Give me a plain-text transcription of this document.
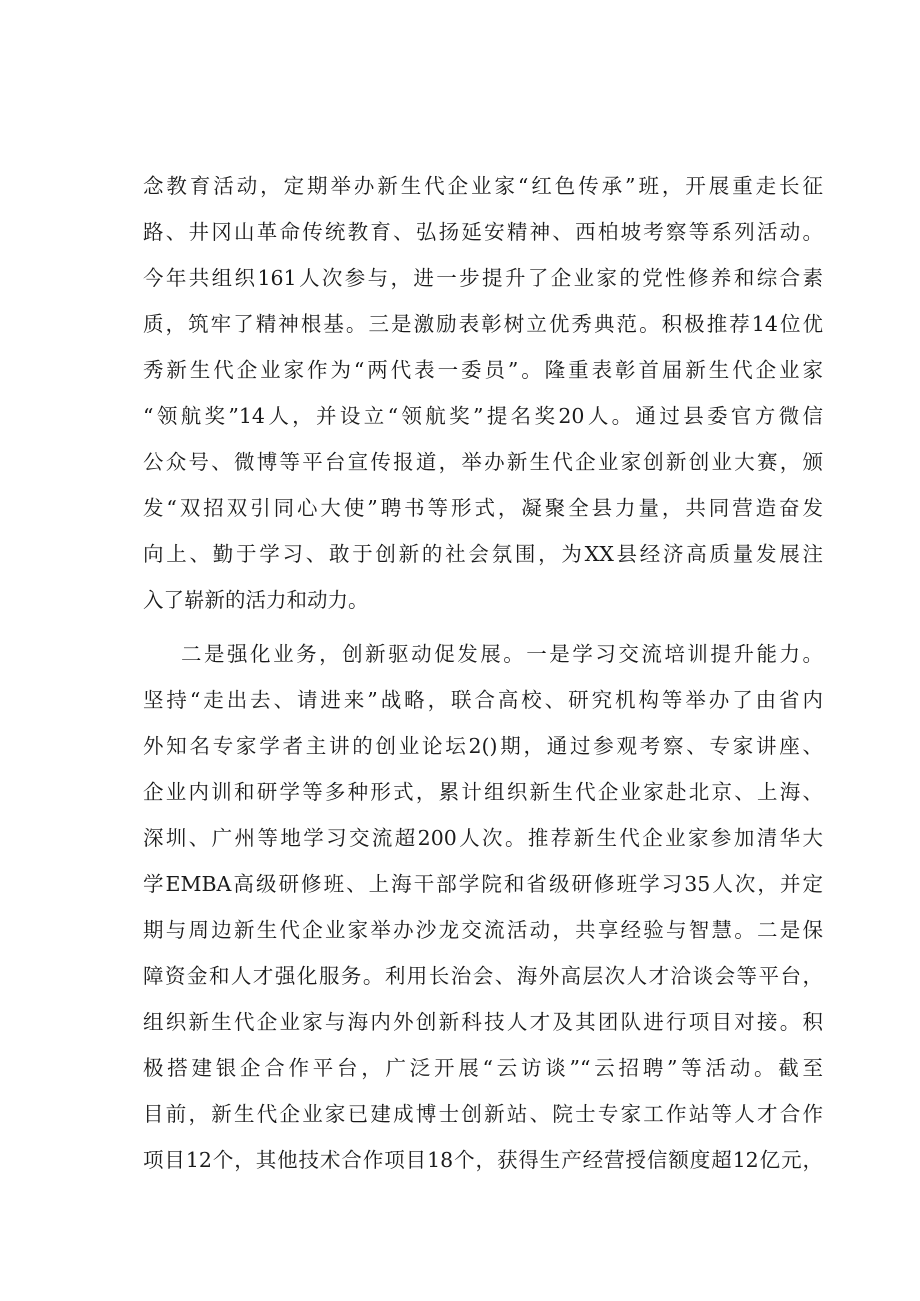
念教育活动，定期举办新生代企业家“红色传承”班，开展重走长征
路、井冈山革命传统教育、弘扬延安精神、西柏坡考察等系列活动。
今年共组织161人次参与，进一步提升了企业家的党性修养和综合素
质，筑牢了精神根基。三是激励表彰树立优秀典范。积极推荐14位优
秀新生代企业家作为“两代表一委员”。隆重表彰首届新生代企业家
“领航奖”14人，并设立“领航奖”提名奖20人。通过县委官方微信
公众号、微博等平台宣传报道，举办新生代企业家创新创业大赛，颁
发“双招双引同心大使”聘书等形式，凝聚全县力量，共同营造奋发
向上、勤于学习、敢于创新的社会氛围，为XX县经济高质量发展注
入了崭新的活力和动力。
二是强化业务，创新驱动促发展。一是学习交流培训提升能力。
坚持“走出去、请进来”战略，联合高校、研究机构等举办了由省内
外知名专家学者主讲的创业论坛2()期，通过参观考察、专家讲座、
企业内训和研学等多种形式，累计组织新生代企业家赴北京、上海、
深圳、广州等地学习交流超200人次。推荐新生代企业家参加清华大
学EMBA高级研修班、上海干部学院和省级研修班学习35人次，并定
期与周边新生代企业家举办沙龙交流活动，共享经验与智慧。二是保
障资金和人才强化服务。利用长治会、海外高层次人才洽谈会等平台，
组织新生代企业家与海内外创新科技人才及其团队进行项目对接。积
极搭建银企合作平台，广泛开展“云访谈”“云招聘”等活动。截至
目前，新生代企业家已建成博士创新站、院士专家工作站等人才合作
项目12个，其他技术合作项目18个，获得生产经营授信额度超12亿元，
